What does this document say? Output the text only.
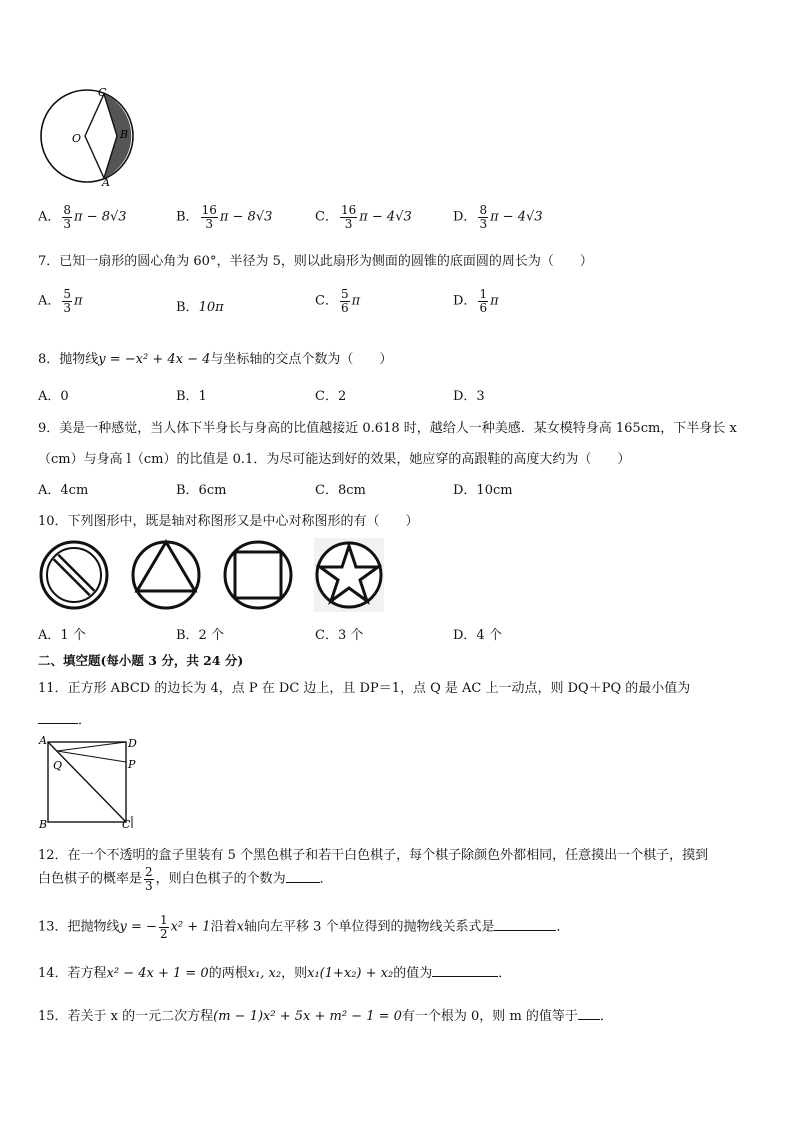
C
O	B
A
A． $\frac{8}{3}$ π − 8√3	B． $\frac{16}{3}$ π − 8√3	C． $\frac{16}{3}$ π − 4√3	D． $\frac{8}{3}$ π − 4√3
7．已知一扇形的圆心角为 60°，半径为 5，则以此扇形为侧面的圆锥的底面圆的周长为（　　）
A． $\frac{5}{3}$ π	B．10π	C． $\frac{5}{6}$ π	D． $\frac{1}{6}$ π
8．抛物线y = −x² + 4x − 4与坐标轴的交点个数为（　　）
A．0	B．1	C．2	D．3
9．美是一种感觉，当人体下半身长与身高的比值越接近 0.618 时，越给人一种美感．某女模特身高 165cm，下半身长 x
（cm）与身高 l（cm）的比值是 0.1．为尽可能达到好的效果，她应穿的高跟鞋的高度大约为（　　）
A．4cm	B．6cm	C．8cm	D．10cm
10．下列图形中，既是轴对称图形又是中心对称图形的有（　　）
A．1 个	B．2 个	C．3 个	D．4 个
二、填空题(每小题 3 分，共 24 分)
11．正方形 ABCD 的边长为 4，点 P 在 DC 边上，且 DP＝1，点 Q 是 AC 上一动点，则 DQ＋PQ 的最小值为
．
A	D
Q	P
B	C
12．在一个不透明的盒子里装有 5 个黑色棋子和若干白色棋子，每个棋子除颜色外都相同，任意摸出一个棋子，摸到
白色棋子的概率是 $\frac{2}{3}$ ，则白色棋子的个数为	．
13．把抛物线y = − $\frac{1}{2} x^2 + 1$沿着x轴向左平移 3 个单位得到的抛物线关系式是	．
14．若方程x² − 4x + 1 = 0的两根x₁, x₂，则x₁(1+x₂) + x₂的值为	．
15．若关于 x 的一元二次方程(m − 1)x² + 5x + m² − 1 = 0有一个根为 0，则 m 的值等于 ．
